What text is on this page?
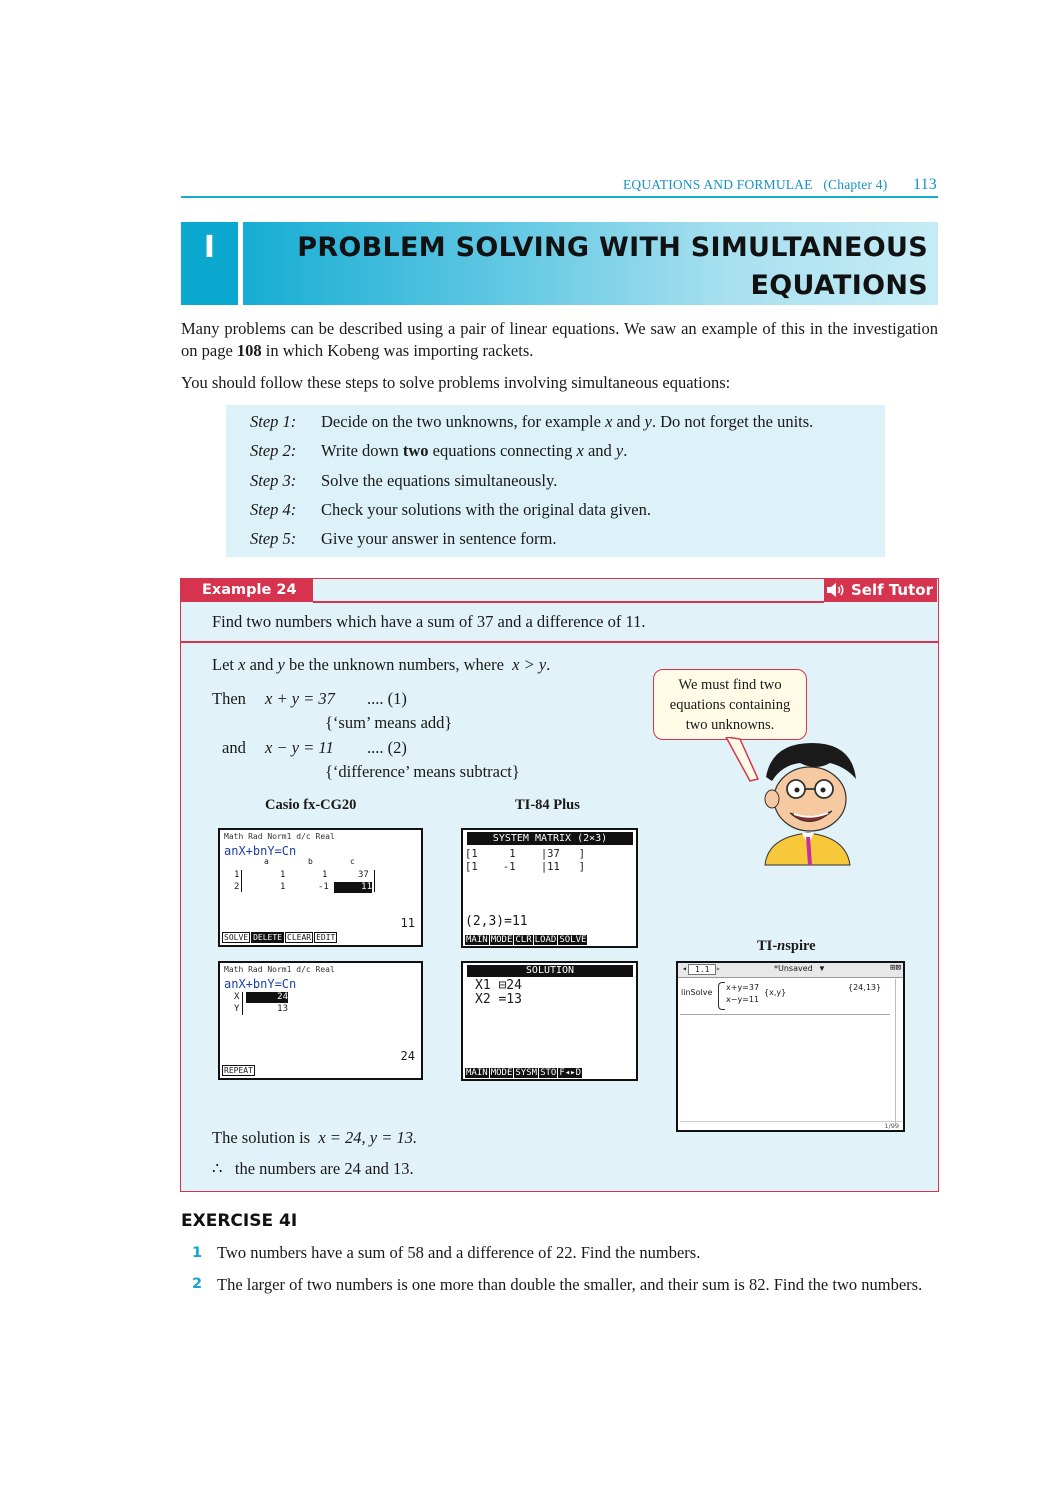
EQUATIONS AND FORMULAE (Chapter 4) 113
I	PROBLEM SOLVING WITH SIMULTANEOUS
EQUATIONS
Many problems can be described using a pair of linear equations. We saw an example of this in the investigation on page 108 in which Kobeng was importing rackets.
You should follow these steps to solve problems involving simultaneous equations:
Step 1:	Decide on the two unknowns, for example x and y. Do not forget the units.
Step 2:	Write down two equations connecting x and y.
Step 3:	Solve the equations simultaneously.
Step 4:	Check your solutions with the original data given.
Step 5:	Give your answer in sentence form.
Example 24	Self Tutor
Find two numbers which have a sum of 37 and a difference of 11.
Let x and y be the unknown numbers, where  x > y.
Then x + y = 37 .... (1)
{‘sum’ means add}
and x − y = 11 .... (2)
{‘difference’ means subtract}
We must find two
equations containing
two unknowns.
Casio fx-CG20	TI-84 Plus
TI-nspire
Math Rad Norm1 d/c Real
anX+bnY=Cn
a	b	c
1	1	1	37
2	1	-1	11
11
SOLVE DELETE CLEAR EDIT
Math Rad Norm1 d/c Real
anX+bnY=Cn
X	24
Y	13
24
REPEAT
SYSTEM MATRIX (2×3)
[1     1    |37   ]
[1    -1    |11   ]
(2,3)=11
MAIN MODE CLR LOAD SOLVE
SOLUTION
X1 ⊟24
X2 =13
MAIN MODE SYSM STO F◂▸D
◂	1.1 ▸	*Unsaved ▼	⊞⊠
linSolve
x+y=37
x−y=11
{x,y}
{24,13}
1/99
The solution is  x = 24, y = 13.
∴ the numbers are 24 and 13.
EXERCISE 4I
1 Two numbers have a sum of 58 and a difference of 22. Find the numbers.
2 The larger of two numbers is one more than double the smaller, and their sum is 82. Find the two numbers.
